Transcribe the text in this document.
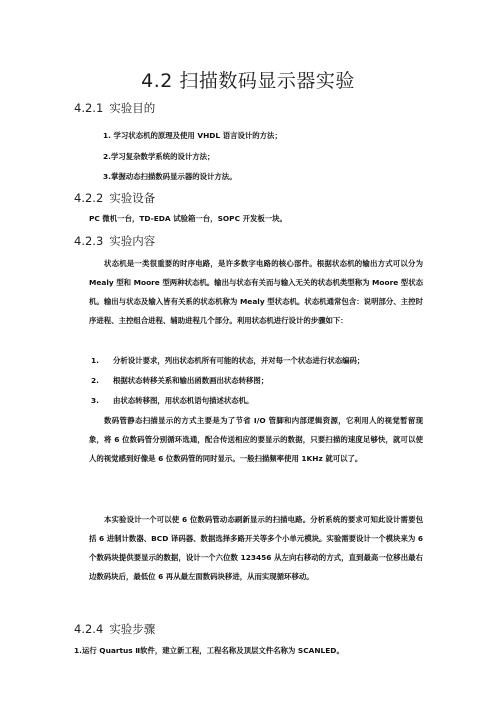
4.2 扫描数码显示器实验
4.2.1 实验目的
1. 学习状态机的原理及使用 VHDL 语言设计的方法；
2.学习复杂数学系统的设计方法；
3.掌握动态扫描数码显示器的设计方法。
4.2.2 实验设备
PC 微机一台，TD-EDA 试验箱一台，SOPC 开发板一块。
4.2.3 实验内容
状态机是一类很重要的时序电路，是许多数字电路的核心部件。根据状态机的输出方式可以分为 Mealy 型和 Moore 型两种状态机。输出与状态有关而与输入无关的状态机类型称为 Moore 型状态机。输出与状态及输入皆有关系的状态机称为 Mealy 型状态机。状态机通常包含：说明部分、主控时序进程、主控组合进程、辅助进程几个部分。利用状态机进行设计的步骤如下：
1. 分析设计要求，列出状态机所有可能的状态，并对每一个状态进行状态编码；
2. 根据状态转移关系和输出函数画出状态转移图；
3. 由状态转移图，用状态机语句描述状态机。
数码管静态扫描显示的方式主要是为了节省 I/O 管脚和内部逻辑资源，它利用人的视觉暂留现象，将 6 位数码管分别循环选通，配合传送相应的要显示的数据，只要扫描的速度足够快，就可以使人的视觉感到好像是 6 位数码管的同时显示。一般扫描频率使用 1KHz 就可以了。
本实验设计一个可以使 6 位数码管动态刷新显示的扫描电路。分析系统的要求可知此设计需要包括 6 进制计数器、BCD 译码器、数据选择多路开关等多个小单元模块。实验需要设计一个模块来为 6 个数码块提供要显示的数据，设计一个六位数 123456 从左向右移动的方式，直到最高一位移出最右边数码块后，最低位 6 再从最左面数码块移进，从而实现循环移动。
4.2.4 实验步骤
1.运行 Quartus Ⅱ软件，建立新工程，工程名称及顶层文件名称为 SCANLED。
